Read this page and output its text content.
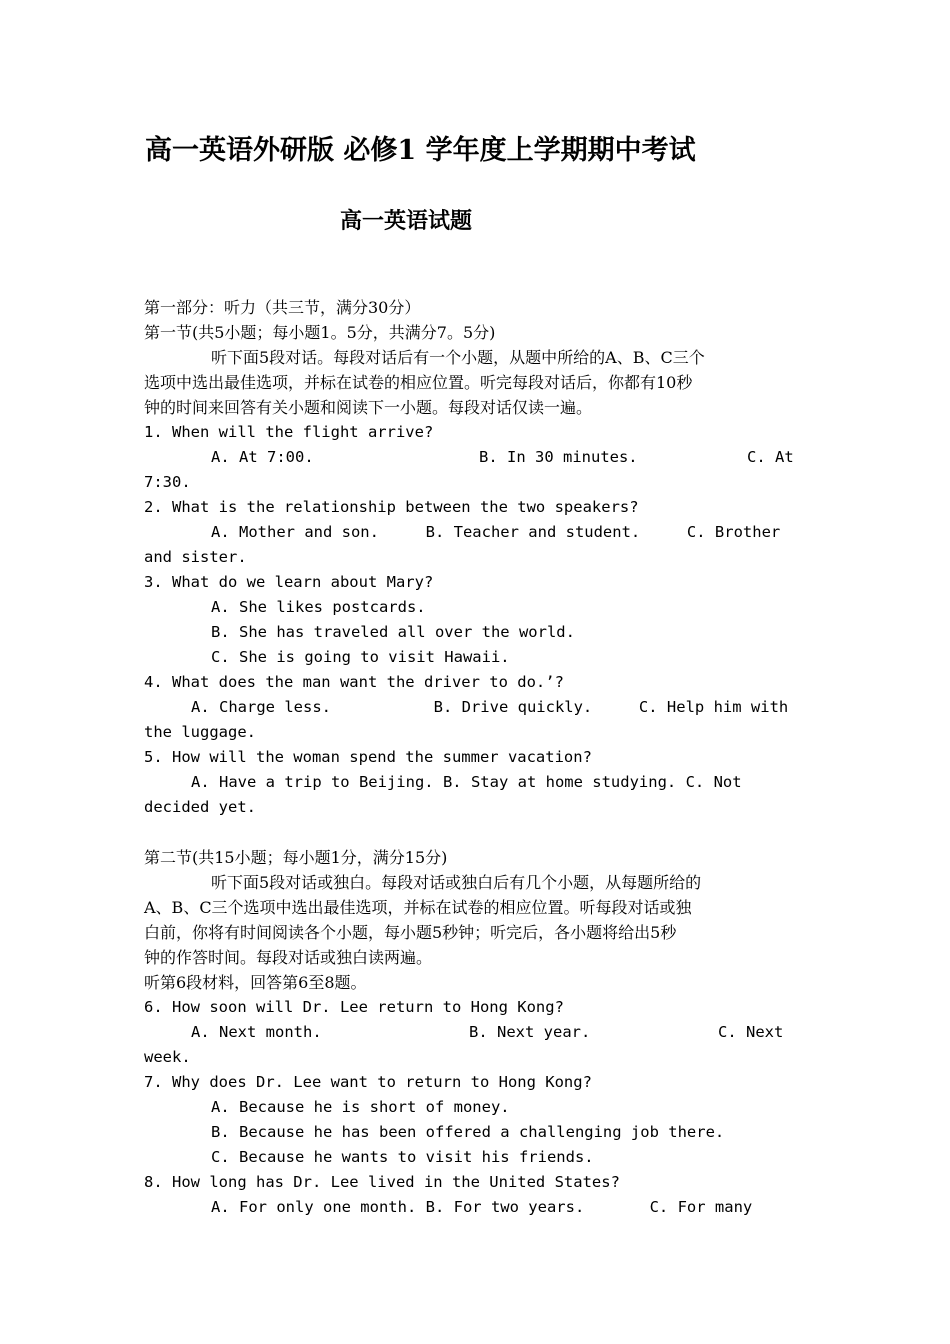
高一英语外研版 必修1 学年度上学期期中考试
高一英语试题
第一部分：听力（共三节，满分30分）
第一节(共5小题；每小题1。5分，共满分7。5分)
听下面5段对话。每段对话后有一个小题，从题中所给的A、B、C三个
选项中选出最佳选项，并标在试卷的相应位置。听完每段对话后，你都有10秒
钟的时间来回答有关小题和阅读下一小题。每段对话仅读一遍。
1. When will the flight arrive?
A. At 7:00.	B. In 30 minutes.	C. At
7:30.
2. What is the relationship between the two speakers?
A. Mother and son.     B. Teacher and student.     C. Brother
and sister.
3. What do we learn about Mary?
A. She likes postcards.
B. She has traveled all over the world.
C. She is going to visit Hawaii.
4. What does the man want the driver to do.’?
A. Charge less.           B. Drive quickly.     C. Help him with
the luggage.
5. How will the woman spend the summer vacation?
A. Have a trip to Beijing. B. Stay at home studying. C. Not
decided yet.
第二节(共15小题；每小题1分，满分15分)
听下面5段对话或独白。每段对话或独白后有几个小题，从每题所给的
A、B、C三个选项中选出最佳选项，并标在试卷的相应位置。听每段对话或独
白前，你将有时间阅读各个小题，每小题5秒钟；听完后，各小题将给出5秒
钟的作答时间。每段对话或独白读两遍。
听第6段材料，回答第6至8题。
6. How soon will Dr. Lee return to Hong Kong?
A. Next month.	B. Next year.	C. Next
week.
7. Why does Dr. Lee want to return to Hong Kong?
A. Because he is short of money.
B. Because he has been offered a challenging job there.
C. Because he wants to visit his friends.
8. How long has Dr. Lee lived in the United States?
A. For only one month. B. For two years.       C. For many
